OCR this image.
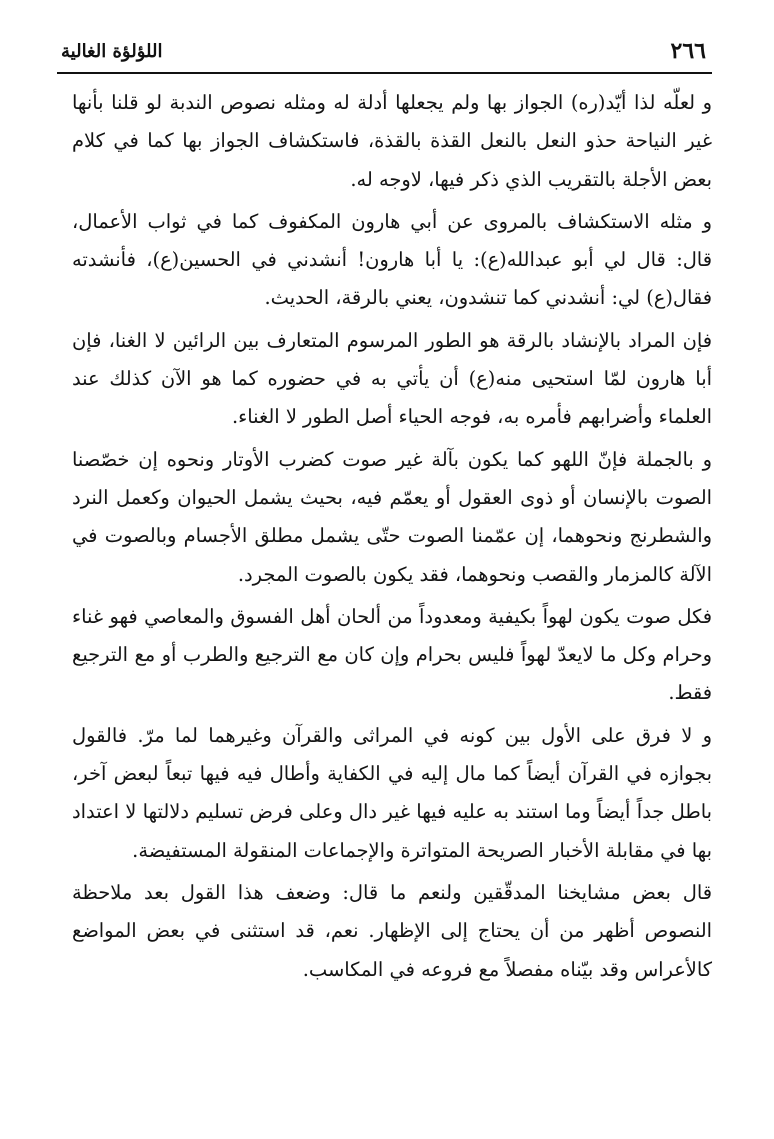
٢٦٦
اللؤلؤة الغالية

و لعلّه لذا أيّد(ره) الجواز بها ولم يجعلها أدلة له ومثله نصوص الندبة لو قلنا بأنها غير النياحة حذو النعل بالنعل القذة بالقذة، فاستكشاف الجواز بها كما في كلام بعض الأجلة بالتقريب الذي ذكر فيها، لاوجه له.

و مثله الاستكشاف بالمروى عن أبي هارون المكفوف كما في ثواب الأعمال، قال: قال لي أبو عبدالله(ع): يا أبا هارون! أنشدني في الحسين(ع)، فأنشدته فقال(ع) لي: أنشدني كما تنشدون، يعني بالرقة، الحديث.

فإن المراد بالإنشاد بالرقة هو الطور المرسوم المتعارف بين الرائين لا الغنا، فإن أبا هارون لمّا استحيى منه(ع) أن يأتي به في حضوره كما هو الآن كذلك عند العلماء وأضرابهم فأمره به، فوجه الحياء أصل الطور لا الغناء.

و بالجملة فإنّ اللهو كما يكون بآلة غير صوت كضرب الأوتار ونحوه إن خصّصنا الصوت بالإنسان أو ذوى العقول أو يعمّم فيه، بحيث يشمل الحيوان وكعمل النرد والشطرنج ونحوهما، إن عمّمنا الصوت حتّى يشمل مطلق الأجسام وبالصوت في الآلة كالمزمار والقصب ونحوهما، فقد يكون بالصوت المجرد.

فكل صوت يكون لهواً بكيفية ومعدوداً من ألحان أهل الفسوق والمعاصي فهو غناء وحرام وكل ما لايعدّ لهواً فليس بحرام وإن كان مع الترجيع والطرب أو مع الترجيع فقط.

و لا فرق على الأول بين كونه في المراثى والقرآن وغيرهما لما مرّ. فالقول بجوازه في القرآن أيضاً كما مال إليه في الكفاية وأطال فيه فيها تبعاً لبعض آخر، باطل جداً أيضاً وما استند به عليه فيها غير دال وعلى فرض تسليم دلالتها لا اعتداد بها في مقابلة الأخبار الصريحة المتواترة والإجماعات المنقولة المستفيضة.

قال بعض مشايخنا المدقّقين ولنعم ما قال: وضعف هذا القول بعد ملاحظة النصوص أظهر من أن يحتاج إلى الإظهار. نعم، قد استثنى في بعض المواضع كالأعراس وقد بيّناه مفصلاً مع فروعه في المكاسب.
